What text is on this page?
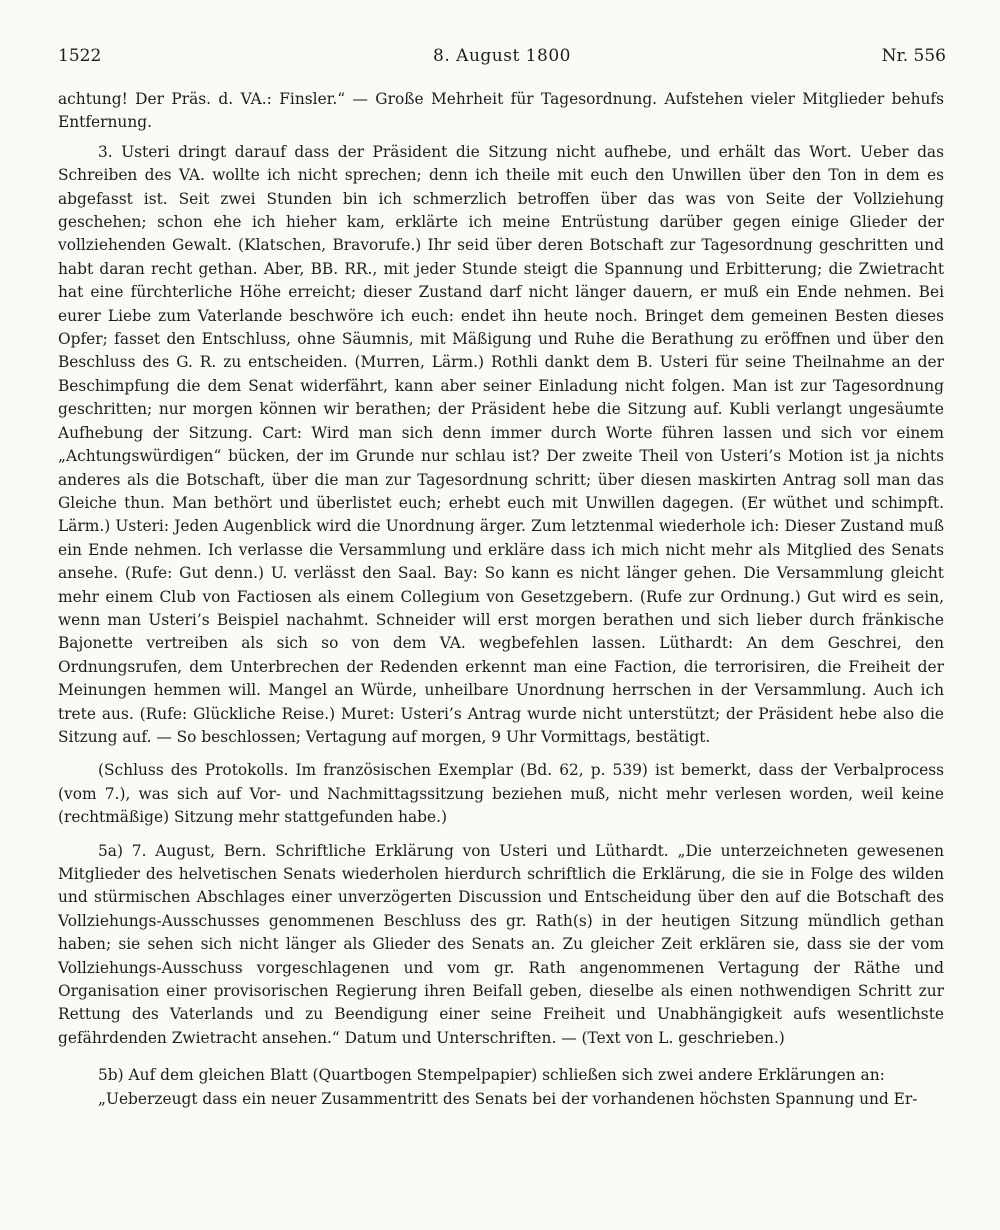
1522	8. August 1800	Nr. 556

achtung! Der Präs. d. VA.: Finsler.“ — Große Mehrheit für Tagesordnung. Aufstehen vieler Mitglieder behufs Entfernung.

3. Usteri dringt darauf dass der Präsident die Sitzung nicht aufhebe, und erhält das Wort. Ueber das Schreiben des VA. wollte ich nicht sprechen; denn ich theile mit euch den Unwillen über den Ton in dem es abgefasst ist. Seit zwei Stunden bin ich schmerzlich betroffen über das was von Seite der Vollziehung geschehen; schon ehe ich hieher kam, erklärte ich meine Entrüstung darüber gegen einige Glieder der vollziehenden Gewalt. (Klatschen, Bravorufe.) Ihr seid über deren Botschaft zur Tagesordnung geschritten und habt daran recht gethan. Aber, BB. RR., mit jeder Stunde steigt die Spannung und Erbitterung; die Zwietracht hat eine fürchterliche Höhe erreicht; dieser Zustand darf nicht länger dauern, er muß ein Ende nehmen. Bei eurer Liebe zum Vaterlande beschwöre ich euch: endet ihn heute noch. Bringet dem gemeinen Besten dieses Opfer; fasset den Entschluss, ohne Säumnis, mit Mäßigung und Ruhe die Berathung zu eröffnen und über den Beschluss des G. R. zu entscheiden. (Murren, Lärm.) Rothli dankt dem B. Usteri für seine Theilnahme an der Beschimpfung die dem Senat widerfährt, kann aber seiner Einladung nicht folgen. Man ist zur Tagesordnung geschritten; nur morgen können wir berathen; der Präsident hebe die Sitzung auf. Kubli verlangt ungesäumte Aufhebung der Sitzung. Cart: Wird man sich denn immer durch Worte führen lassen und sich vor einem „Achtungswürdigen“ bücken, der im Grunde nur schlau ist? Der zweite Theil von Usteri’s Motion ist ja nichts anderes als die Botschaft, über die man zur Tagesordnung schritt; über diesen maskirten Antrag soll man das Gleiche thun. Man bethört und überlistet euch; erhebt euch mit Unwillen dagegen. (Er wüthet und schimpft. Lärm.) Usteri: Jeden Augenblick wird die Unordnung ärger. Zum letztenmal wiederhole ich: Dieser Zustand muß ein Ende nehmen. Ich verlasse die Versammlung und erkläre dass ich mich nicht mehr als Mitglied des Senats ansehe. (Rufe: Gut denn.) U. verlässt den Saal. Bay: So kann es nicht länger gehen. Die Versammlung gleicht mehr einem Club von Factiosen als einem Collegium von Gesetzgebern. (Rufe zur Ordnung.) Gut wird es sein, wenn man Usteri’s Beispiel nachahmt. Schneider will erst morgen berathen und sich lieber durch fränkische Bajonette vertreiben als sich so von dem VA. wegbefehlen lassen. Lüthardt: An dem Geschrei, den Ordnungsrufen, dem Unterbrechen der Redenden erkennt man eine Faction, die terrorisiren, die Freiheit der Meinungen hemmen will. Mangel an Würde, unheilbare Unordnung herrschen in der Versammlung. Auch ich trete aus. (Rufe: Glückliche Reise.) Muret: Usteri’s Antrag wurde nicht unterstützt; der Präsident hebe also die Sitzung auf. — So beschlossen; Vertagung auf morgen, 9 Uhr Vormittags, bestätigt.

(Schluss des Protokolls. Im französischen Exemplar (Bd. 62, p. 539) ist bemerkt, dass der Verbalprocess (vom 7.), was sich auf Vor- und Nachmittagssitzung beziehen muß, nicht mehr verlesen worden, weil keine (rechtmäßige) Sitzung mehr stattgefunden habe.)

5a) 7. August, Bern. Schriftliche Erklärung von Usteri und Lüthardt. „Die unterzeichneten gewesenen Mitglieder des helvetischen Senats wiederholen hierdurch schriftlich die Erklärung, die sie in Folge des wilden und stürmischen Abschlages einer unverzögerten Discussion und Entscheidung über den auf die Botschaft des Vollziehungs-Ausschusses genommenen Beschluss des gr. Rath(s) in der heutigen Sitzung mündlich gethan haben; sie sehen sich nicht länger als Glieder des Senats an. Zu gleicher Zeit erklären sie, dass sie der vom Vollziehungs-Ausschuss vorgeschlagenen und vom gr. Rath angenommenen Vertagung der Räthe und Organisation einer provisorischen Regierung ihren Beifall geben, dieselbe als einen nothwendigen Schritt zur Rettung des Vaterlands und zu Beendigung einer seine Freiheit und Unabhängigkeit aufs wesentlichste gefährdenden Zwietracht ansehen.“ Datum und Unterschriften. — (Text von L. geschrieben.)

5b) Auf dem gleichen Blatt (Quartbogen Stempelpapier) schließen sich zwei andere Erklärungen an:

„Ueberzeugt dass ein neuer Zusammentritt des Senats bei der vorhandenen höchsten Spannung und Er-
